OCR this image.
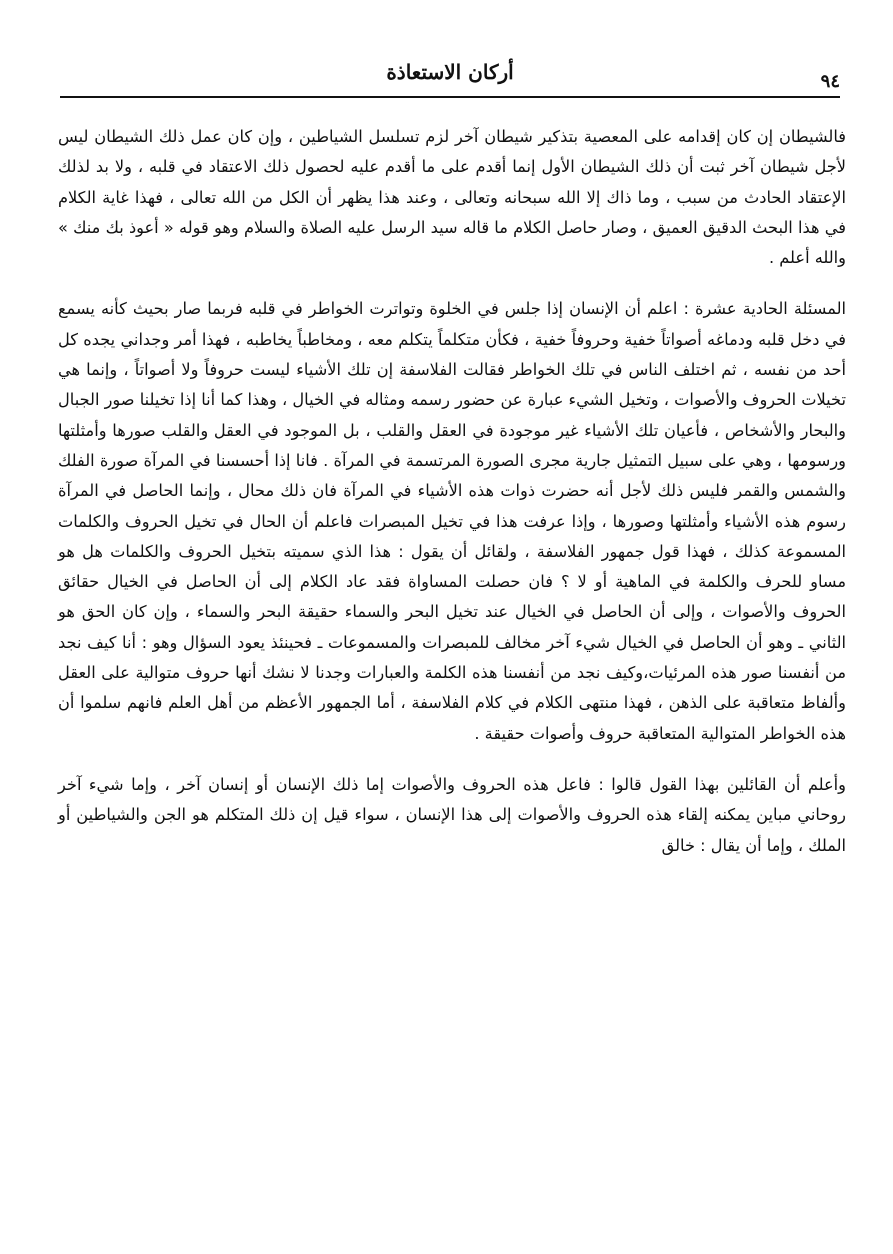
أركان الاستعاذة	٩٤

فالشيطان إن كان إقدامه على المعصية بتذكير شيطان آخر لزم تسلسل الشياطين ، وإن كان عمل ذلك الشيطان ليس لأجل شيطان آخر ثبت أن ذلك الشيطان الأول إنما أقدم على ما أقدم عليه لحصول ذلك الاعتقاد في قلبه ، ولا بد لذلك الإعتقاد الحادث من سبب ، وما ذاك إلا الله سبحانه وتعالى ، وعند هذا يظهر أن الكل من الله تعالى ، فهذا غاية الكلام في هذا البحث الدقيق العميق ، وصار حاصل الكلام ما قاله سيد الرسل عليه الصلاة والسلام وهو قوله « أعوذ بك منك » والله أعلم .

المسئلة الحادية عشرة : اعلم أن الإنسان إذا جلس في الخلوة وتواترت الخواطر في قلبه فربما صار بحيث كأنه يسمع في دخل قلبه ودماغه أصواتاً خفية وحروفاً خفية ، فكأن متكلماً يتكلم معه ، ومخاطباً يخاطبه ، فهذا أمر وجداني يجده كل أحد من نفسه ، ثم اختلف الناس في تلك الخواطر فقالت الفلاسفة إن تلك الأشياء ليست حروفاً ولا أصواتاً ، وإنما هي تخيلات الحروف والأصوات ، وتخيل الشيء عبارة عن حضور رسمه ومثاله في الخيال ، وهذا كما أنا إذا تخيلنا صور الجبال والبحار والأشخاص ، فأعيان تلك الأشياء غير موجودة في العقل والقلب ، بل الموجود في العقل والقلب صورها وأمثلتها ورسومها ، وهي على سبيل التمثيل جارية مجرى الصورة المرتسمة في المرآة . فانا إذا أحسسنا في المرآة صورة الفلك والشمس والقمر فليس ذلك لأجل أنه حضرت ذوات هذه الأشياء في المرآة فان ذلك محال ، وإنما الحاصل في المرآة رسوم هذه الأشياء وأمثلتها وصورها ، وإذا عرفت هذا في تخيل المبصرات فاعلم أن الحال في تخيل الحروف والكلمات المسموعة كذلك ، فهذا قول جمهور الفلاسفة ، ولقائل أن يقول : هذا الذي سميته بتخيل الحروف والكلمات هل هو مساو للحرف والكلمة في الماهية أو لا ؟ فان حصلت المساواة فقد عاد الكلام إلى أن الحاصل في الخيال حقائق الحروف والأصوات ، وإلى أن الحاصل في الخيال عند تخيل البحر والسماء حقيقة البحر والسماء ، وإن كان الحق هو الثاني ـ وهو أن الحاصل في الخيال شيء آخر مخالف للمبصرات والمسموعات ـ فحينئذ يعود السؤال وهو : أنا كيف نجد من أنفسنا صور هذه المرئيات،وكيف نجد من أنفسنا هذه الكلمة والعبارات وجدنا لا نشك أنها حروف متوالية على العقل وألفاظ متعاقبة على الذهن ، فهذا منتهى الكلام في كلام الفلاسفة ، أما الجمهور الأعظم من أهل العلم فانهم سلموا أن هذه الخواطر المتوالية المتعاقبة حروف وأصوات حقيقة .

وأعلم أن القائلين بهذا القول قالوا : فاعل هذه الحروف والأصوات إما ذلك الإنسان أو إنسان آخر ، وإما شيء آخر روحاني مباين يمكنه إلقاء هذه الحروف والأصوات إلى هذا الإنسان ، سواء قيل إن ذلك المتكلم هو الجن والشياطين أو الملك ، وإما أن يقال : خالق
